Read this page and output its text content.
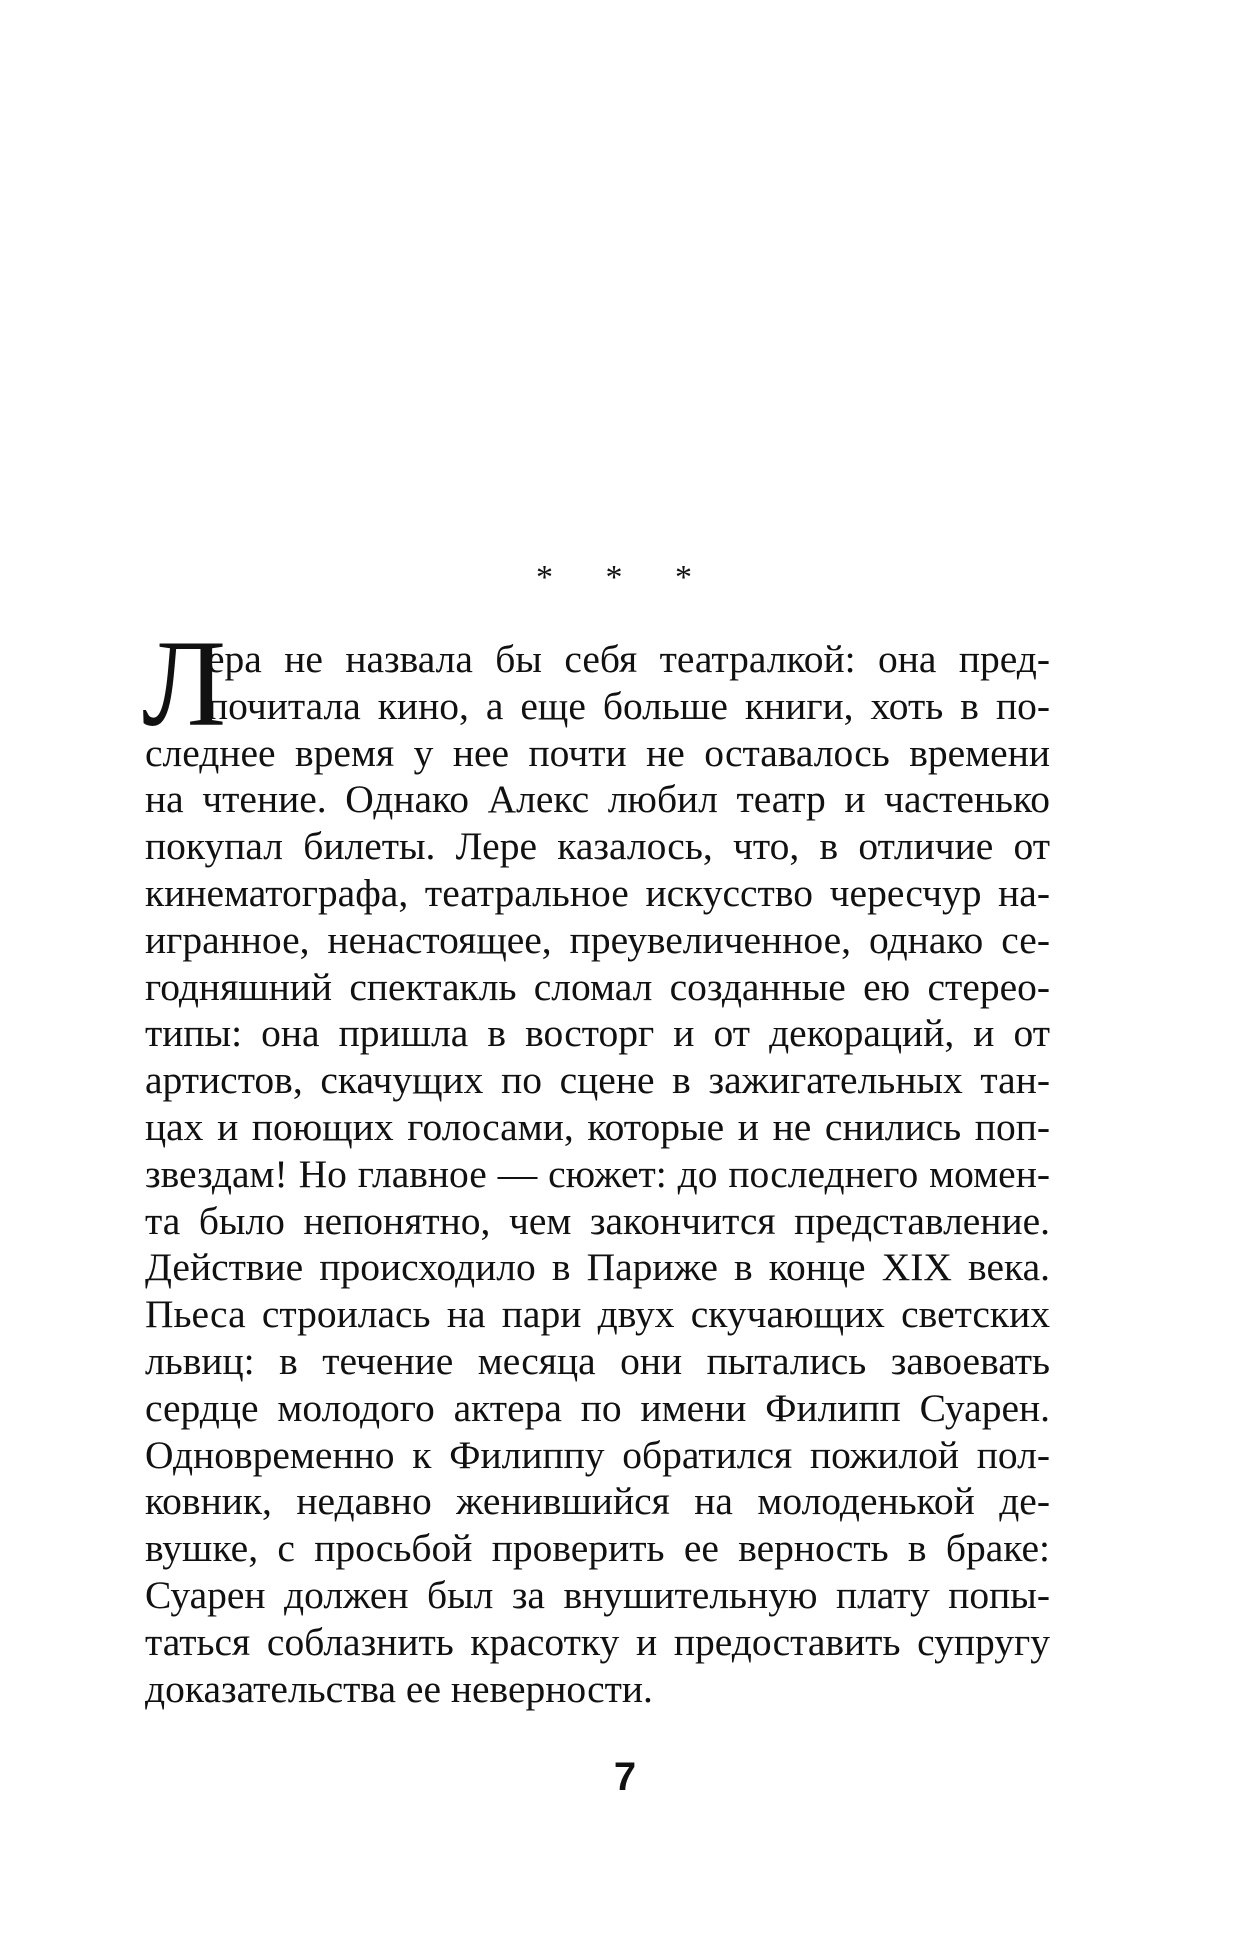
* * *
Л
ера не назвала бы себя театралкой: она пред-
почитала кино, а еще больше книги, хоть в по-
следнее время у нее почти не оставалось времени
на чтение. Однако Алекс любил театр и частенько
покупал билеты. Лере казалось, что, в отличие от
кинематографа, театральное искусство чересчур на-
игранное, ненастоящее, преувеличенное, однако се-
годняшний спектакль сломал созданные ею стерео-
типы: она пришла в восторг и от декораций, и от
артистов, скачущих по сцене в зажигательных тан-
цах и поющих голосами, которые и не снились поп-
звездам! Но главное — сюжет: до последнего момен-
та было непонятно, чем закончится представление.
Действие происходило в Париже в конце XIX века.
Пьеса строилась на пари двух скучающих светских
львиц: в течение месяца они пытались завоевать
сердце молодого актера по имени Филипп Суарен.
Одновременно к Филиппу обратился пожилой пол-
ковник, недавно женившийся на молоденькой де-
вушке, с просьбой проверить ее верность в браке:
Суарен должен был за внушительную плату попы-
таться соблазнить красотку и предоставить супругу
доказательства ее неверности.
7
